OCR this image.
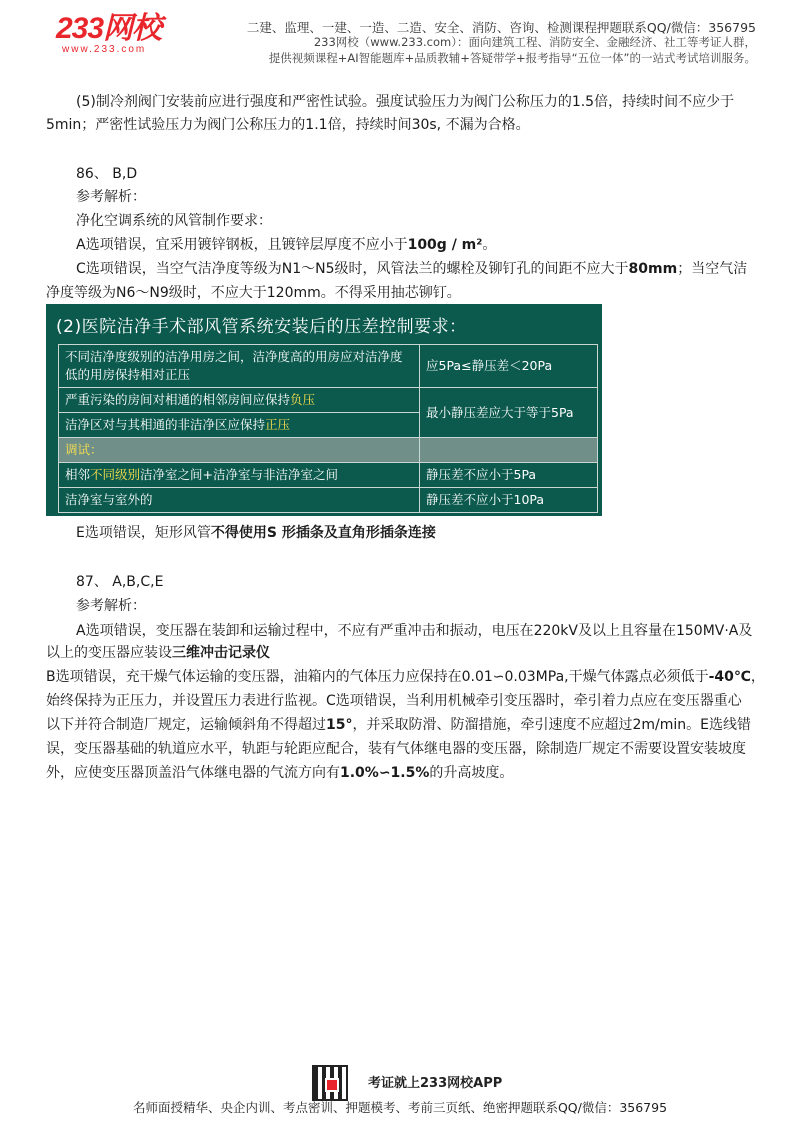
233网校
www.233.com
二建、监理、一建、一造、二造、安全、消防、咨询、检测课程押题联系QQ/微信：356795
233网校（www.233.com）：面向建筑工程、消防安全、金融经济、社工等考证人群，
提供视频课程+AI智能题库+品质教辅+答疑带学+报考指导“五位一体”的一站式考试培训服务。
(5)制冷剂阀门安装前应进行强度和严密性试验。强度试验压力为阀门公称压力的1.5倍，持续时间不应少于
5min；严密性试验压力为阀门公称压力的1.1倍，持续时间30s, 不漏为合格。
86、 B,D
参考解析：
净化空调系统的风管制作要求：
A选项错误，宜采用镀锌钢板，且镀锌层厚度不应小于100g / m²。
C选项错误，当空气洁净度等级为N1～N5级时，风管法兰的螺栓及铆钉孔的间距不应大于80mm；当空气洁
净度等级为N6～N9级时，不应大于120mm。不得采用抽芯铆钉。
(2)医院洁净手术部风管系统安装后的压差控制要求：
不同洁净度级别的洁净用房之间，洁净度高的用房应对洁净度低的用房保持相对正压	应5Pa≤静压差＜20Pa
严重污染的房间对相通的相邻房间应保持负压	最小静压差应大于等于5Pa
洁净区对与其相通的非洁净区应保持正压	
调试：	
相邻不同级别洁净室之间+洁净室与非洁净室之间	静压差不应小于5Pa
洁净室与室外的	静压差不应小于10Pa
E选项错误，矩形风管不得使用S 形插条及直角形插条连接
87、 A,B,C,E
参考解析：
A选项错误，变压器在装卸和运输过程中，不应有严重冲击和振动，电压在220kV及以上且容量在150MV·A及
以上的变压器应装设三维冲击记录仪
B选项错误，充干燥气体运输的变压器，油箱内的气体压力应保持在0.01∽0.03MPa,干燥气体露点必须低于-40℃，
始终保持为正压力，并设置压力表进行监视。C选项错误，当利用机械牵引变压器时，牵引着力点应在变压器重心
以下并符合制造厂规定，运输倾斜角不得超过15°，并采取防滑、防溜措施，牵引速度不应超过2m/min。E选线错
误，变压器基础的轨道应水平，轨距与轮距应配合，装有气体继电器的变压器，除制造厂规定不需要设置安装坡度
外，应使变压器顶盖沿气体继电器的气流方向有1.0%∽1.5%的升高坡度。
考证就上233网校APP
名师面授精华、央企内训、考点密训、押题模考、考前三页纸、绝密押题联系QQ/微信：356795
